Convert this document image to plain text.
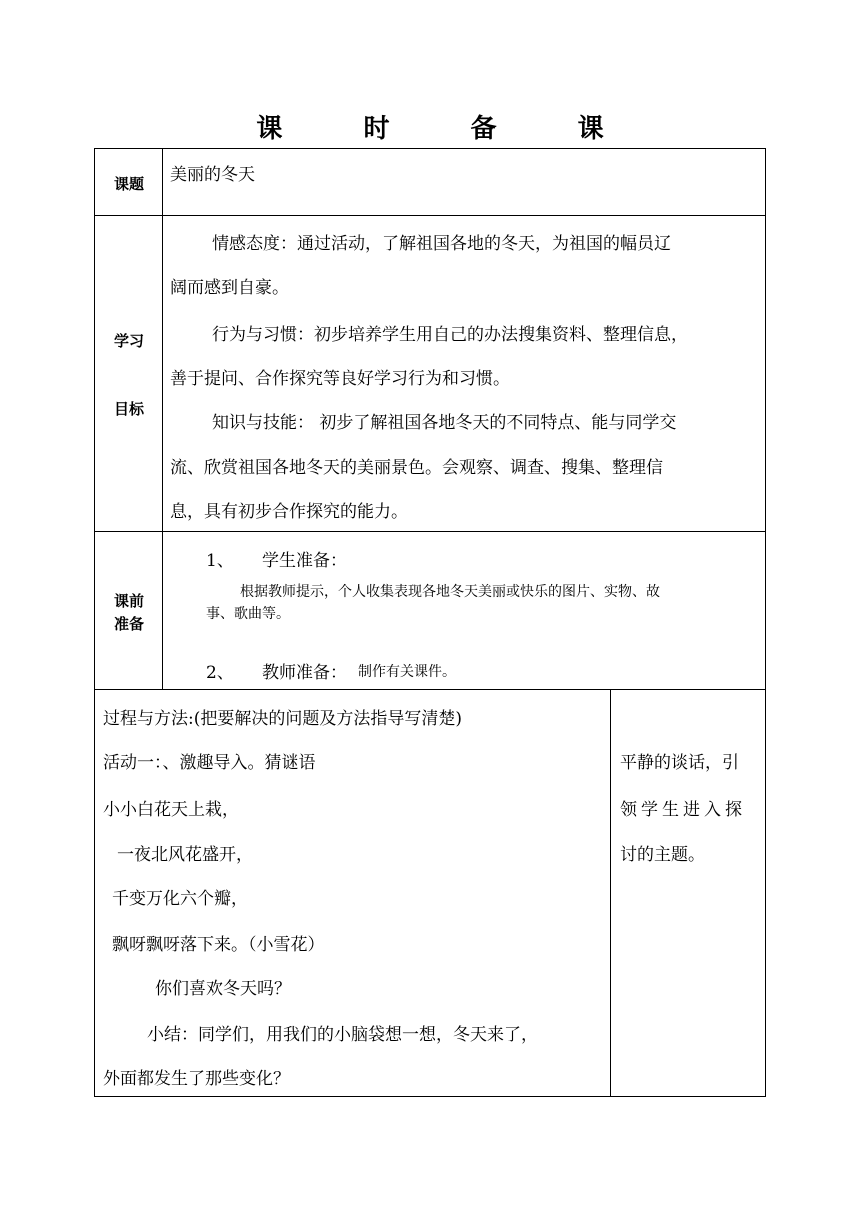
课 时 备 课
课题	美丽的冬天
学习
目标
情感态度：通过活动，了解祖国各地的冬天，为祖国的幅员辽
阔而感到自豪。
行为与习惯：初步培养学生用自己的办法搜集资料、整理信息，
善于提问、合作探究等良好学习行为和习惯。
知识与技能： 初步了解祖国各地冬天的不同特点、能与同学交
流、欣赏祖国各地冬天的美丽景色。会观察、调查、搜集、整理信
息，具有初步合作探究的能力。
课前
准备
1、 学生准备：
根据教师提示，个人收集表现各地冬天美丽或快乐的图片、实物、故
事、歌曲等。
2、 教师准备： 制作有关课件。
过程与方法:(把要解决的问题及方法指导写清楚)
活动一：、激趣导入。猜谜语
小小白花天上栽，
一夜北风花盛开，
千变万化六个瓣，
飘呀飘呀落下来。（小雪花）
你们喜欢冬天吗？
小结：同学们，用我们的小脑袋想一想，冬天来了，
外面都发生了那些变化？
平静的谈话，引
领学生进入探
讨的主题。
